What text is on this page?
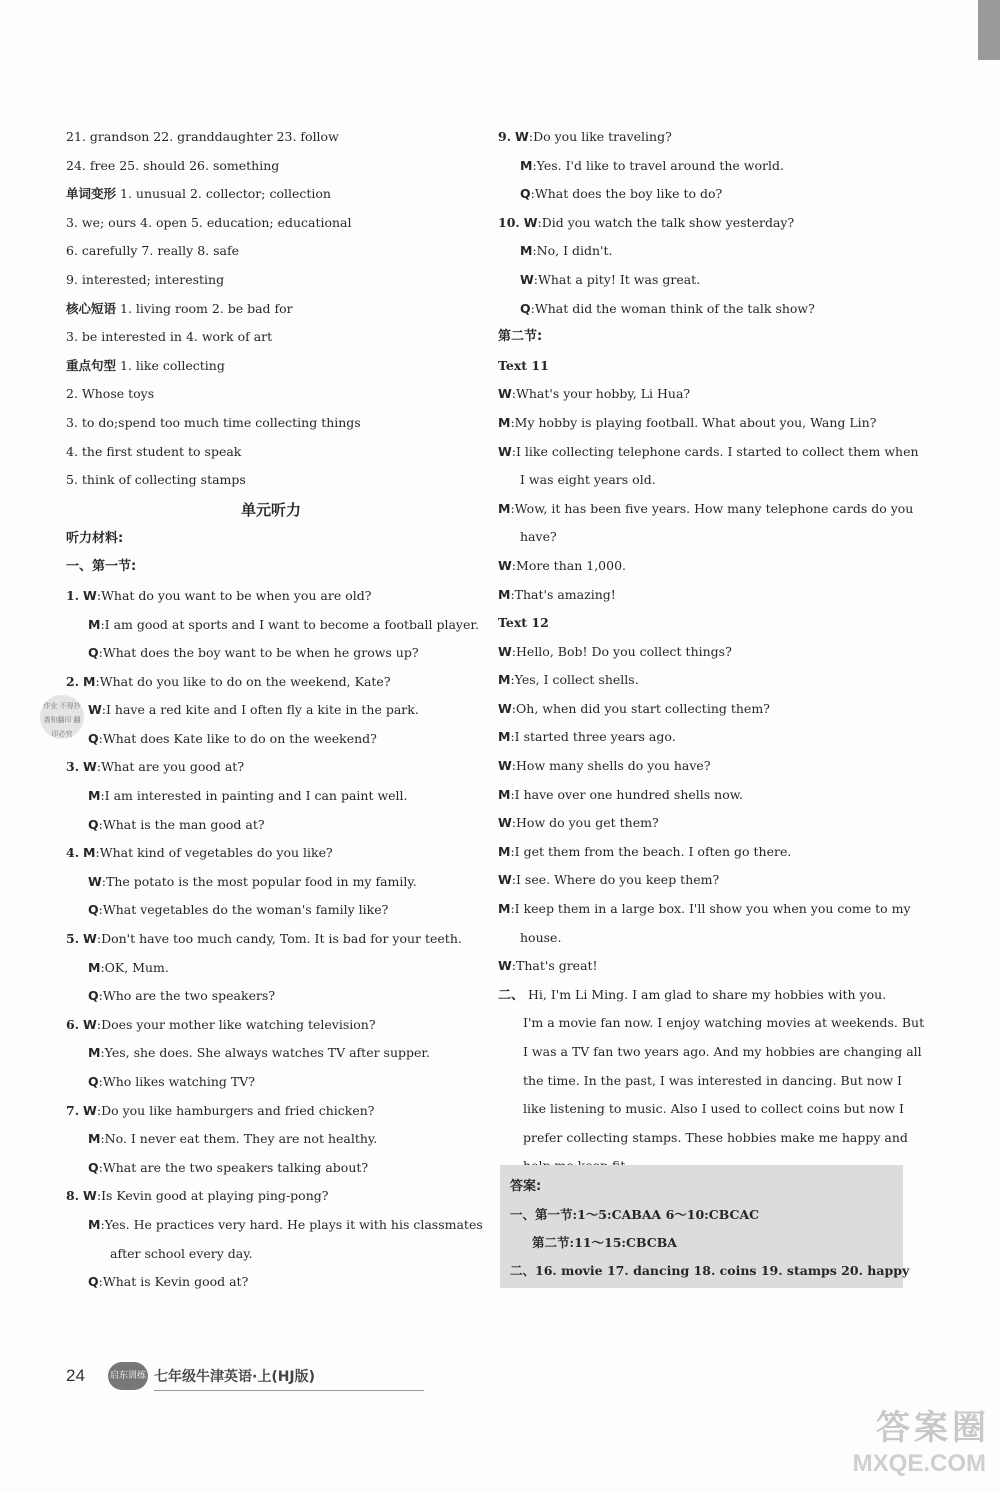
21. grandson 22. granddaughter 23. follow
24. free 25. should 26. something
单词变形 1. unusual 2. collector; collection
3. we; ours 4. open 5. education; educational
6. carefully 7. really 8. safe
9. interested; interesting
核心短语 1. living room 2. be bad for
3. be interested in 4. work of art
重点句型 1. like collecting
2. Whose toys
3. to do;spend too much time collecting things
4. the first student to speak
5. think of collecting stamps
单元听力
听力材料:
一、第一节:
1. W:What do you want to be when you are old?
M:I am good at sports and I want to become a football player.
Q:What does the boy want to be when he grows up?
2. M:What do you like to do on the weekend, Kate?
W:I have a red kite and I often fly a kite in the park.
Q:What does Kate like to do on the weekend?
3. W:What are you good at?
M:I am interested in painting and I can paint well.
Q:What is the man good at?
4. M:What kind of vegetables do you like?
W:The potato is the most popular food in my family.
Q:What vegetables do the woman's family like?
5. W:Don't have too much candy, Tom. It is bad for your teeth.
M:OK, Mum.
Q:Who are the two speakers?
6. W:Does your mother like watching television?
M:Yes, she does. She always watches TV after supper.
Q:Who likes watching TV?
7. W:Do you like hamburgers and fried chicken?
M:No. I never eat them. They are not healthy.
Q:What are the two speakers talking about?
8. W:Is Kevin good at playing ping-pong?
M:Yes. He practices very hard. He plays it with his classmates
after school every day.
Q:What is Kevin good at?
9. W:Do you like traveling?
M:Yes. I'd like to travel around the world.
Q:What does the boy like to do?
10. W:Did you watch the talk show yesterday?
M:No, I didn't.
W:What a pity! It was great.
Q:What did the woman think of the talk show?
第二节:
Text 11
W:What's your hobby, Li Hua?
M:My hobby is playing football. What about you, Wang Lin?
W:I like collecting telephone cards. I started to collect them when
I was eight years old.
M:Wow, it has been five years. How many telephone cards do you
have?
W:More than 1,000.
M:That's amazing!
Text 12
W:Hello, Bob! Do you collect things?
M:Yes, I collect shells.
W:Oh, when did you start collecting them?
M:I started three years ago.
W:How many shells do you have?
M:I have over one hundred shells now.
W:How do you get them?
M:I get them from the beach. I often go there.
W:I see. Where do you keep them?
M:I keep them in a large box. I'll show you when you come to my
house.
W:That's great!
二、 Hi, I'm Li Ming. I am glad to share my hobbies with you.
I'm a movie fan now. I enjoy watching movies at weekends. But
I was a TV fan two years ago. And my hobbies are changing all
the time. In the past, I was interested in dancing. But now I
like listening to music. Also I used to collect coins but now I
prefer collecting stamps. These hobbies make me happy and
答案:
一、第一节:1～5:CABAA 6～10:CBCAC
第二节:11～15:CBCBA
二、16. movie 17. dancing 18. coins 19. stamps 20. happy
作业 不得抄袭和翻印 翻印必究
24	启东训练 七年级牛津英语·上(HJ版)
答案圈
MXQE.COM
